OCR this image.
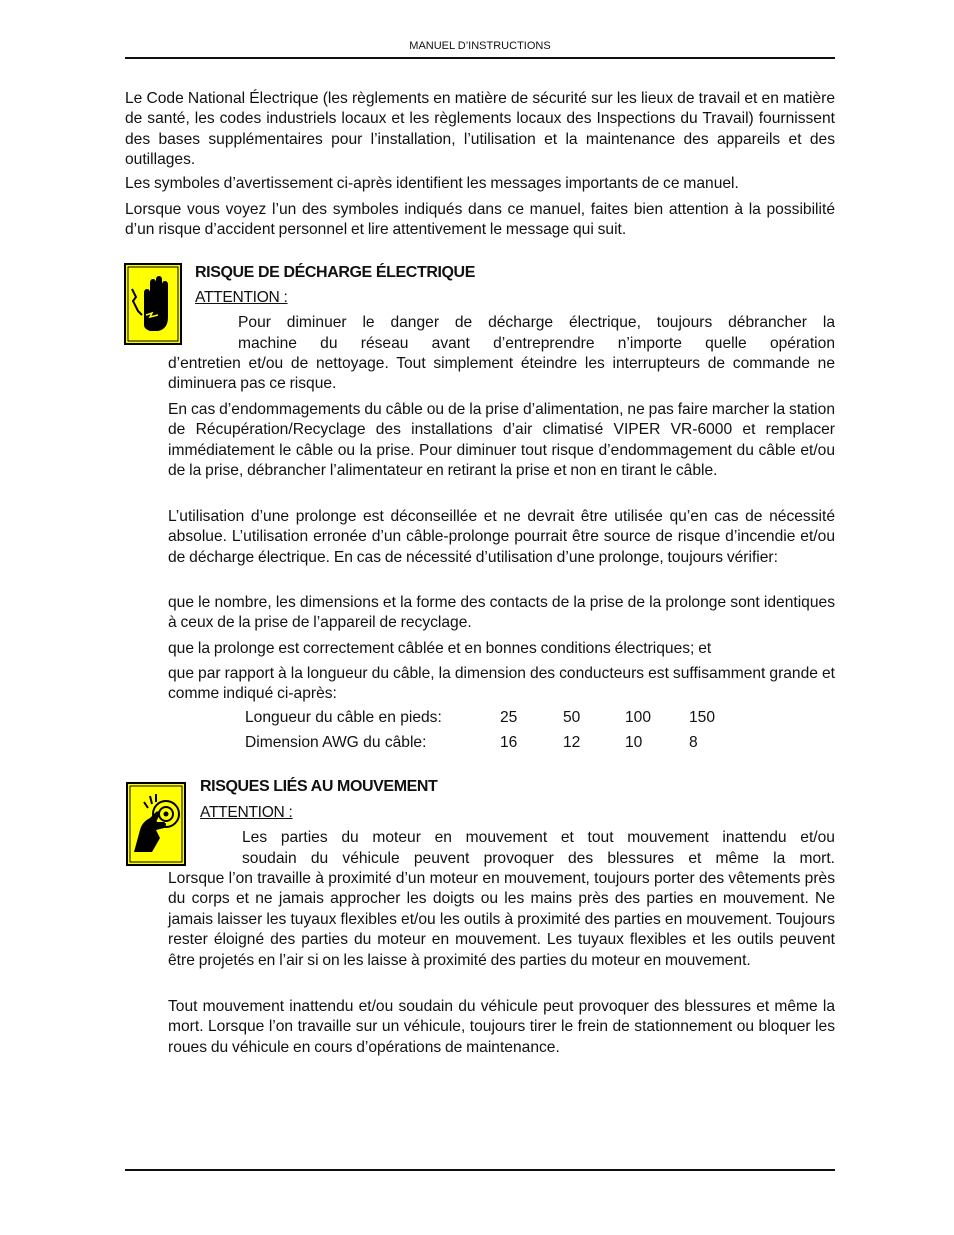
MANUEL D’INSTRUCTIONS

Le Code National Électrique (les règlements en matière de sécurité sur les lieux de travail et en matière de santé, les codes industriels locaux et les règlements locaux des Inspections du Travail) fournissent des bases supplémentaires pour l’installation, l’utilisation et la maintenance des appareils et des outillages.

Les symboles d’avertissement ci-après identifient les messages importants de ce manuel.

Lorsque vous voyez l’un des symboles indiqués dans ce manuel, faites bien attention à la possibilité d’un risque d’accident personnel et lire attentivement le message qui suit.

RISQUE DE DÉCHARGE ÉLECTRIQUE
ATTENTION :
Pour diminuer le danger de décharge électrique, toujours débrancher la
machine du réseau avant d’entreprendre n’importe quelle opération

d’entretien et/ou de nettoyage. Tout simplement éteindre les interrupteurs de commande ne diminuera pas ce risque.

En cas d’endommagements du câble ou de la prise d’alimentation, ne pas faire marcher la station de Récupération/Recyclage des installations d’air climatisé VIPER VR-6000 et remplacer immédiatement le câble ou la prise. Pour diminuer tout risque d’endommagement du câble et/ou de la prise, débrancher l’alimentateur en retirant la prise et non en tirant le câble.

L’utilisation d’une prolonge est déconseillée et ne devrait être utilisée qu’en cas de nécessité absolue. L’utilisation erronée d’un câble-prolonge pourrait être source de risque d’incendie et/ou de décharge électrique. En cas de nécessité d’utilisation d’une prolonge, toujours vérifier:

que le nombre, les dimensions et la forme des contacts de la prise de la prolonge sont identiques à ceux de la prise de l’appareil de recyclage.

que la prolonge est correctement câblée et en bonnes conditions électriques; et

que par rapport à la longueur du câble, la dimension des conducteurs est suffisamment grande et comme indiqué ci-après:

Longueur du câble en pieds:	25	50	100	150
Dimension AWG du câble:	16	12	10	8
RISQUES LIÉS AU MOUVEMENT
ATTENTION :
Les parties du moteur en mouvement et tout mouvement inattendu et/ou
soudain du véhicule peuvent provoquer des blessures et même la mort.

Lorsque l’on travaille à proximité d’un moteur en mouvement, toujours porter des vêtements près du corps et ne jamais approcher les doigts ou les mains près des parties en mouvement. Ne jamais laisser les tuyaux flexibles et/ou les outils à proximité des parties en mouvement. Toujours rester éloigné des parties du moteur en mouvement. Les tuyaux flexibles et les outils peuvent être projetés en l’air si on les laisse à proximité des parties du moteur en mouvement.

Tout mouvement inattendu et/ou soudain du véhicule peut provoquer des blessures et même la mort. Lorsque l’on travaille sur un véhicule, toujours tirer le frein de stationnement ou bloquer les roues du véhicule en cours d’opérations de maintenance.
